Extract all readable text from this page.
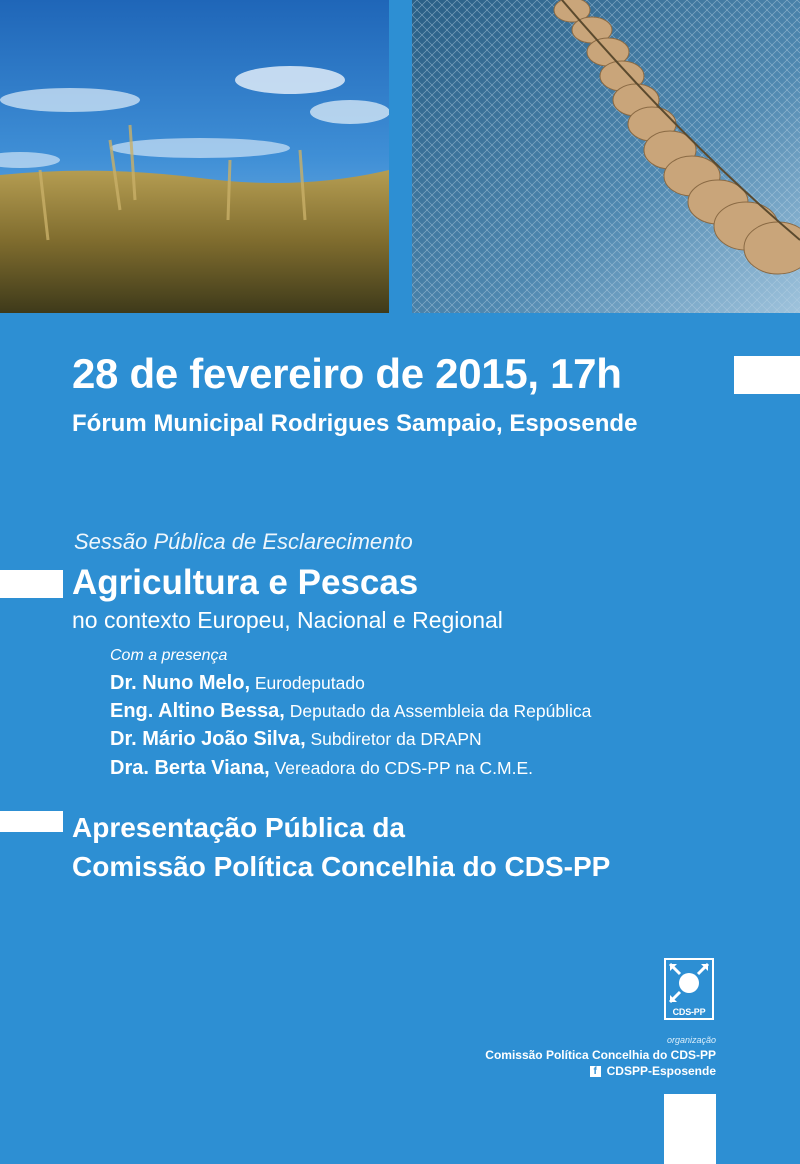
28 de fevereiro de 2015, 17h
Fórum Municipal Rodrigues Sampaio, Esposende
Sessão Pública de Esclarecimento
Agricultura e Pescas
no contexto Europeu, Nacional e Regional
Com a presença
Dr. Nuno Melo, Eurodeputado
Eng. Altino Bessa, Deputado da Assembleia da República
Dr. Mário João Silva, Subdiretor da DRAPN
Dra. Berta Viana, Vereadora do CDS-PP na C.M.E.
Apresentação Pública da
Comissão Política Concelhia do CDS-PP
CDS-PP
organização
Comissão Política Concelhia do CDS-PP
f CDSPP-Esposende
